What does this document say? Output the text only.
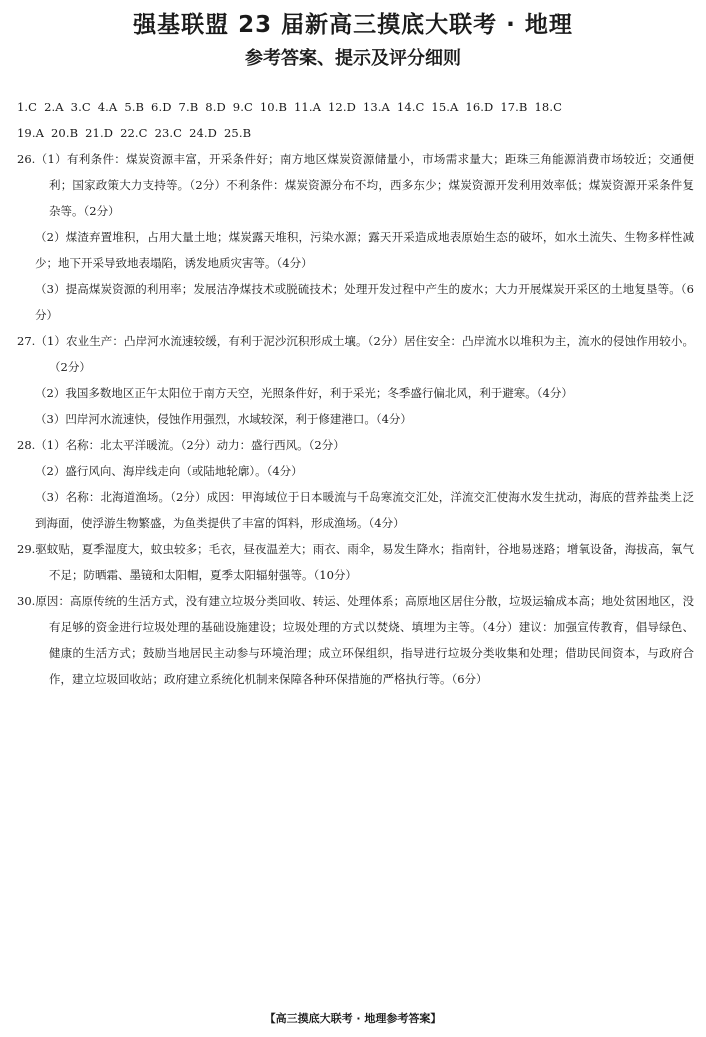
强基联盟 23 届新高三摸底大联考 · 地理
参考答案、提示及评分细则
1.C 2.A 3.C 4.A 5.B 6.D 7.B 8.D 9.C 10.B 11.A 12.D 13.A 14.C 15.A 16.D 17.B 18.C
19.A 20.B 21.D 22.C 23.C 24.D 25.B

26.（1）有利条件：煤炭资源丰富，开采条件好；南方地区煤炭资源储量小，市场需求量大；距珠三角能源消费市场较近；交通便利；国家政策大力支持等。（2分）不利条件：煤炭资源分布不均，西多东少；煤炭资源开发利用效率低；煤炭资源开采条件复杂等。（2分）

（2）煤渣弃置堆积，占用大量土地；煤炭露天堆积，污染水源；露天开采造成地表原始生态的破坏，如水土流失、生物多样性减少；地下开采导致地表塌陷，诱发地质灾害等。（4分）

（3）提高煤炭资源的利用率；发展洁净煤技术或脱硫技术；处理开发过程中产生的废水；大力开展煤炭开采区的土地复垦等。（6分）

27.（1）农业生产：凸岸河水流速较缓，有利于泥沙沉积形成土壤。（2分）居住安全：凸岸流水以堆积为主，流水的侵蚀作用较小。（2分）

（2）我国多数地区正午太阳位于南方天空，光照条件好，利于采光；冬季盛行偏北风，利于避寒。（4分）

（3）凹岸河水流速快，侵蚀作用强烈，水域较深，利于修建港口。（4分）

28.（1）名称：北太平洋暖流。（2分）动力：盛行西风。（2分）

（2）盛行风向、海岸线走向（或陆地轮廓）。（4分）

（3）名称：北海道渔场。（2分）成因：甲海域位于日本暖流与千岛寒流交汇处，洋流交汇使海水发生扰动，海底的营养盐类上泛到海面，使浮游生物繁盛，为鱼类提供了丰富的饵料，形成渔场。（4分）

29.驱蚊贴，夏季湿度大，蚊虫较多；毛衣，昼夜温差大；雨衣、雨伞，易发生降水；指南针，谷地易迷路；增氧设备，海拔高，氧气不足；防晒霜、墨镜和太阳帽，夏季太阳辐射强等。（10分）

30.原因：高原传统的生活方式，没有建立垃圾分类回收、转运、处理体系；高原地区居住分散，垃圾运输成本高；地处贫困地区，没有足够的资金进行垃圾处理的基础设施建设；垃圾处理的方式以焚烧、填埋为主等。（4分）建议：加强宣传教育，倡导绿色、健康的生活方式；鼓励当地居民主动参与环境治理；成立环保组织，指导进行垃圾分类收集和处理；借助民间资本，与政府合作，建立垃圾回收站；政府建立系统化机制来保障各种环保措施的严格执行等。（6分）

【高三摸底大联考 · 地理参考答案】
